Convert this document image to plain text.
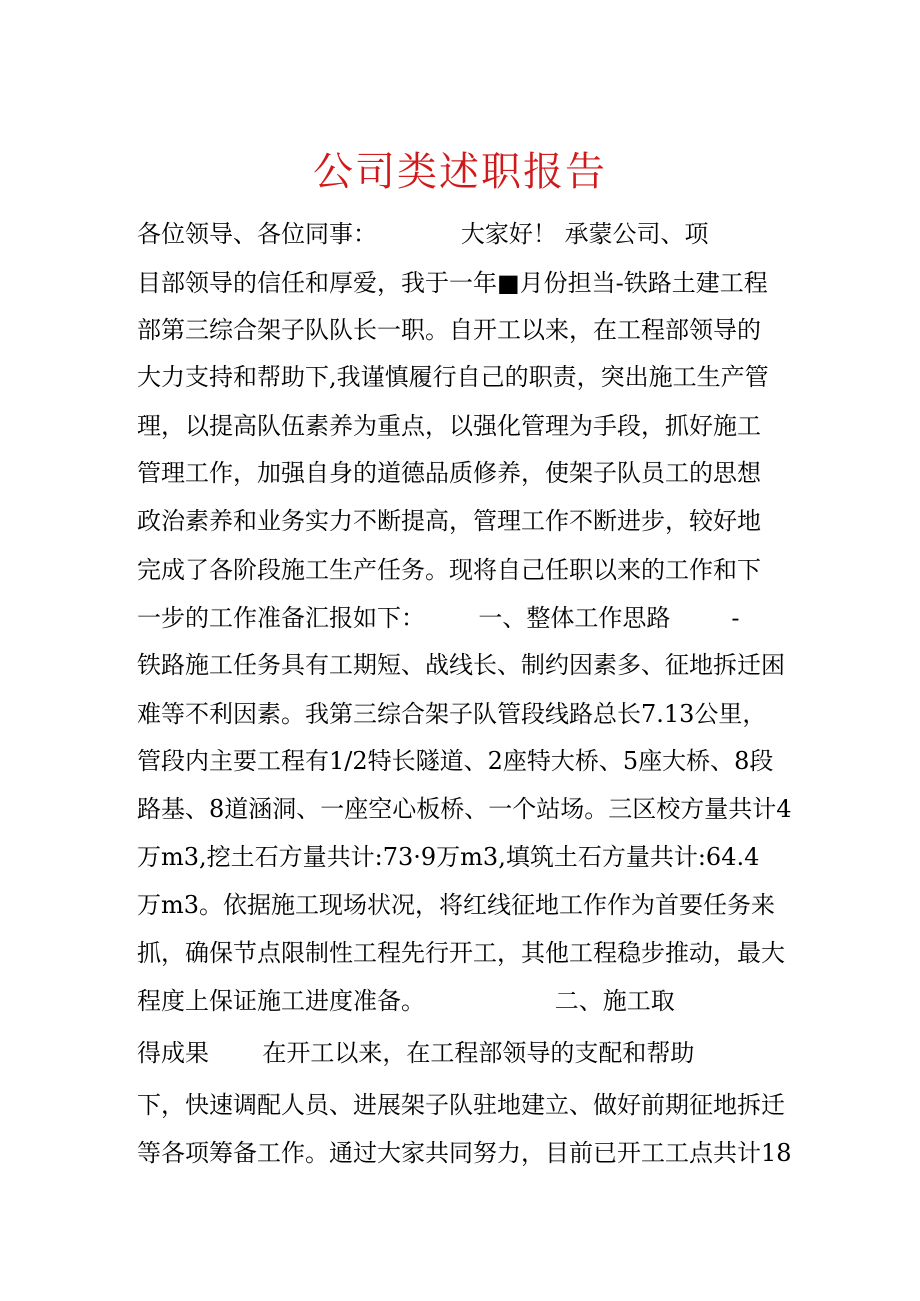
公司类述职报告
各位领导、各位同事：           大家好！ 承蒙公司、项
目部领导的信任和厚爱，我于一年■月份担当-铁路土建工程
部第三综合架子队队长一职。自开工以来，在工程部领导的
大力支持和帮助下,我谨慎履行自己的职责，突出施工生产管
理，以提高队伍素养为重点，以强化管理为手段，抓好施工
管理工作，加强自身的道德品质修养，使架子队员工的思想
政治素养和业务实力不断提高，管理工作不断进步，较好地
完成了各阶段施工生产任务。现将自己任职以来的工作和下
一步的工作准备汇报如下：       一、整体工作思路        -
铁路施工任务具有工期短、战线长、制约因素多、征地拆迁困
难等不利因素。我第三综合架子队管段线路总长7.13公里，
管段内主要工程有1/2特长隧道、2座特大桥、5座大桥、8段
路基、8道涵洞、一座空心板桥、一个站场。三区校方量共计4
万m3,挖土石方量共计:73·9万m3,填筑土石方量共计:64.4
万m3。依据施工现场状况，将红线征地工作作为首要任务来
抓，确保节点限制性工程先行开工，其他工程稳步推动，最大
程度上保证施工进度准备。                 二、施工取
得成果       在开工以来，在工程部领导的支配和帮助
下，快速调配人员、进展架子队驻地建立、做好前期征地拆迁
等各项筹备工作。通过大家共同努力，目前已开工工点共计18
